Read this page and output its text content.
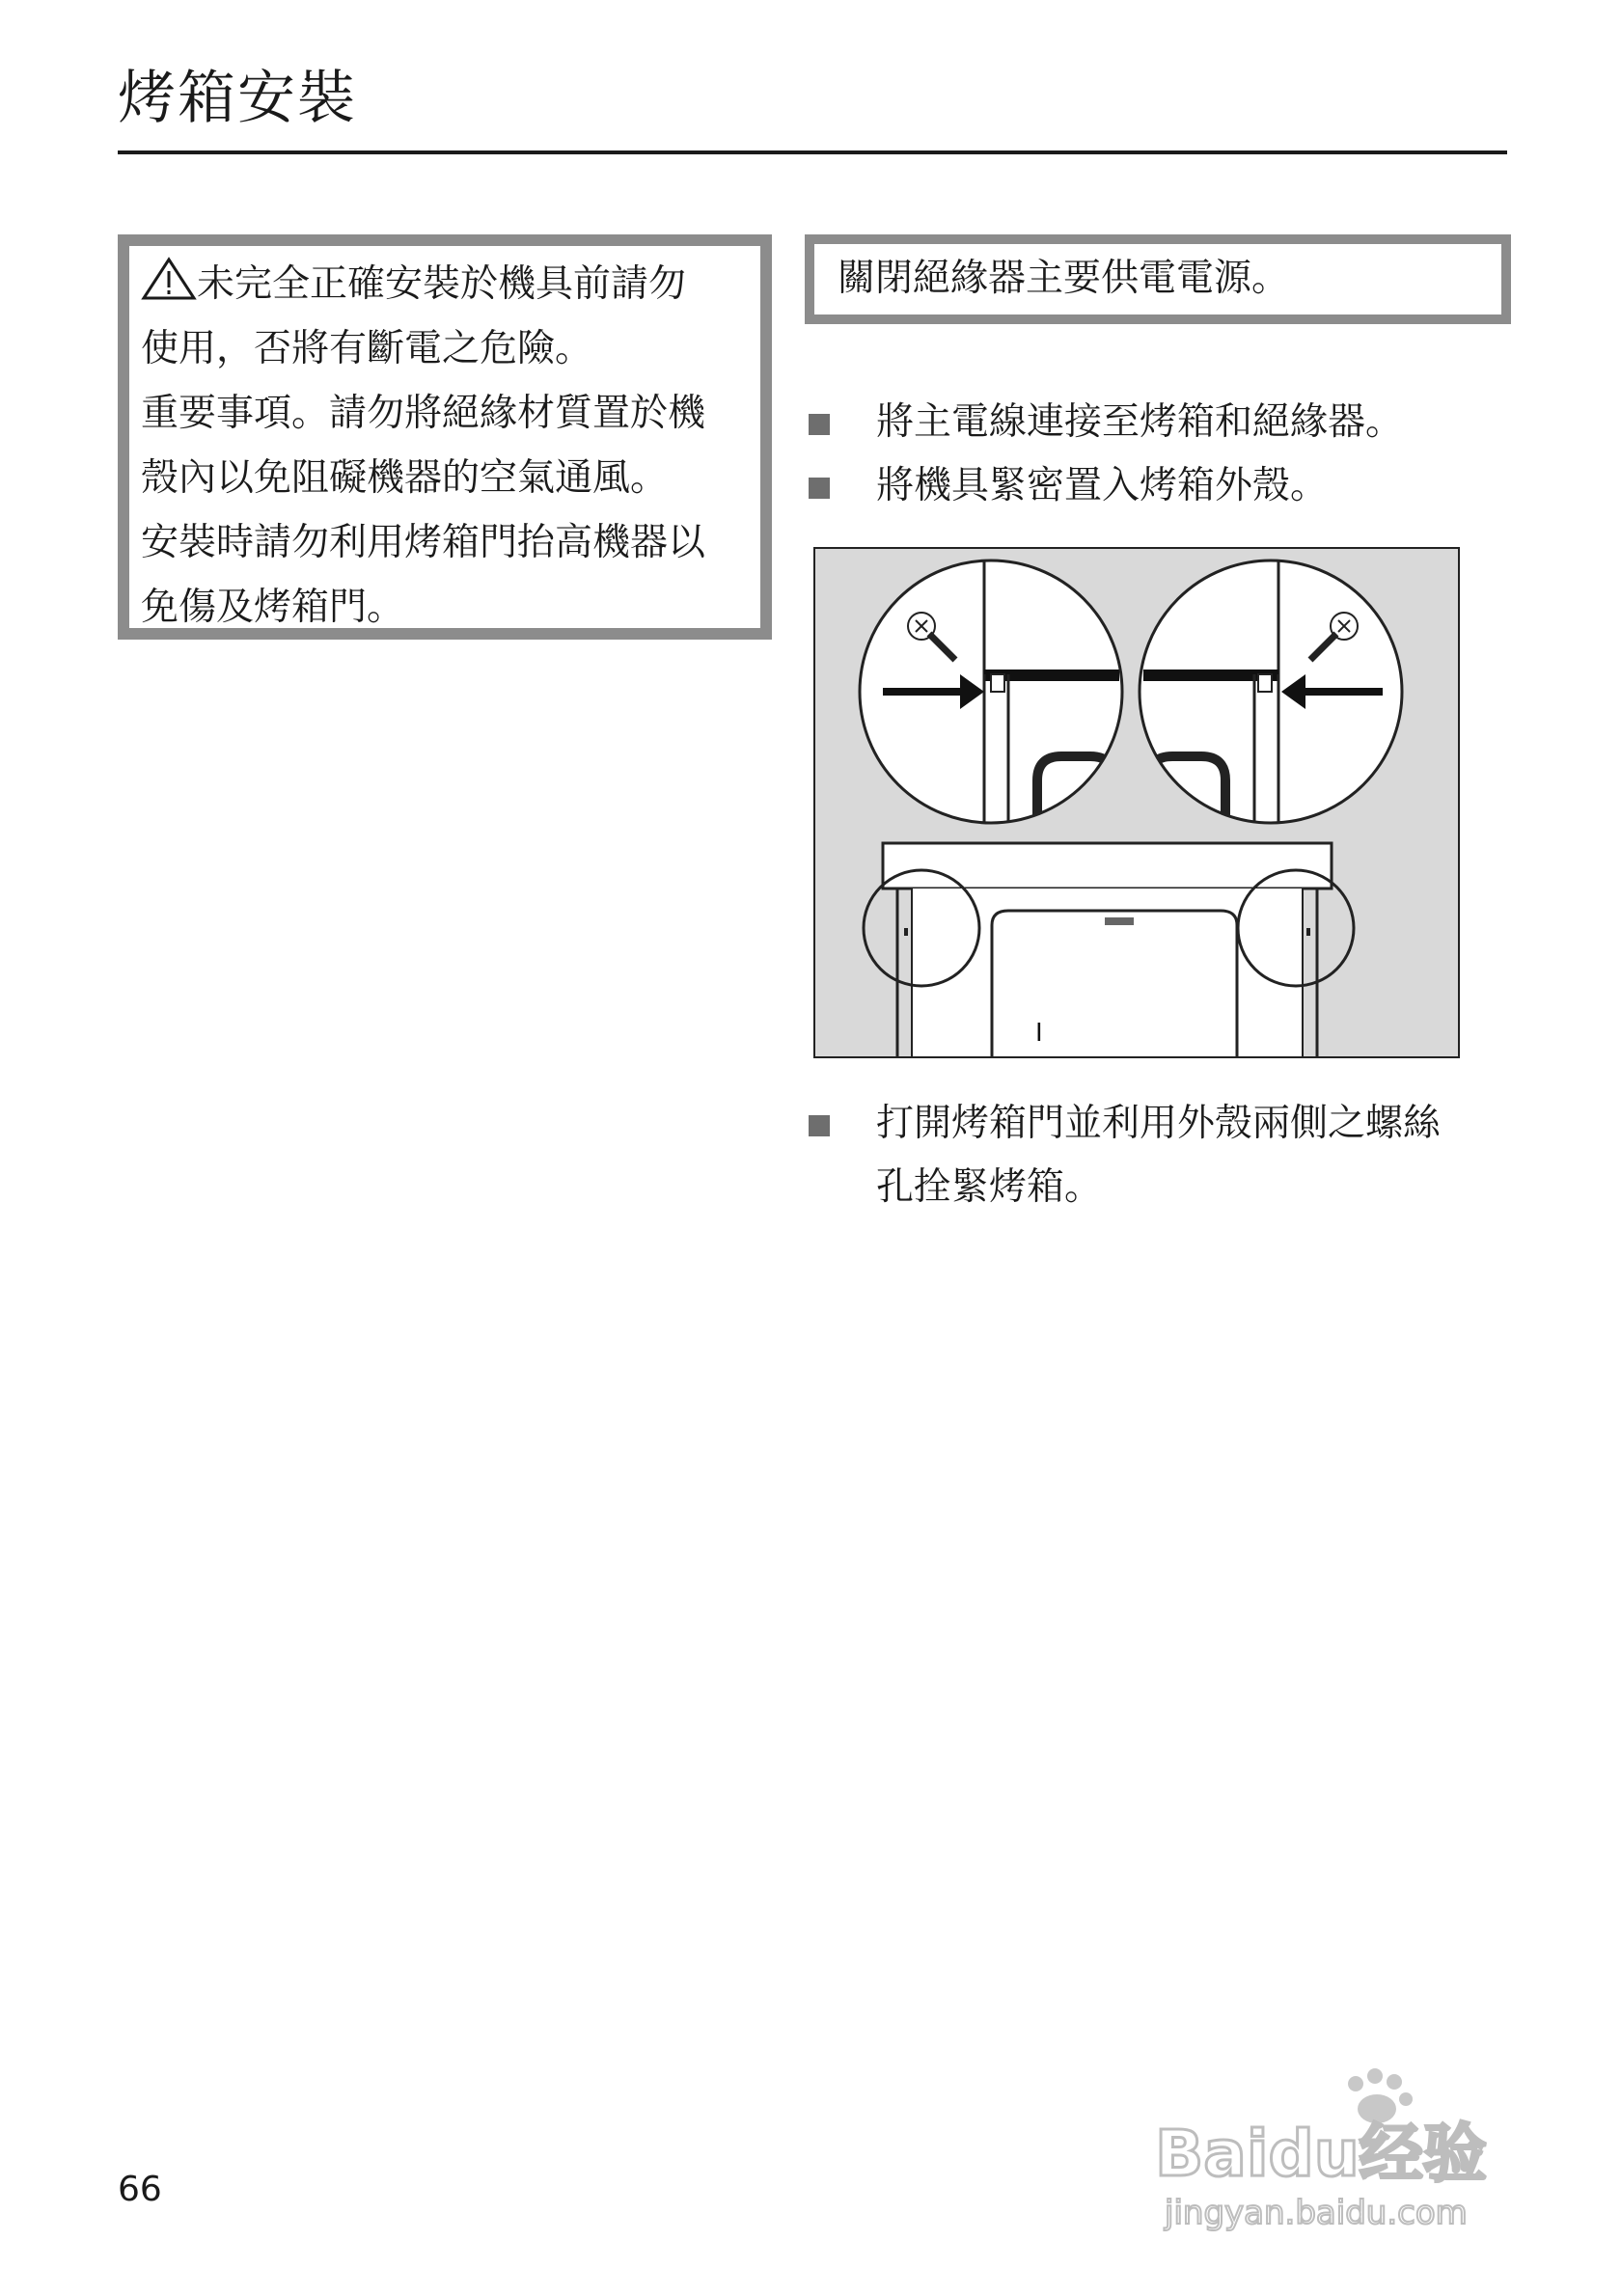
烤箱安裝

未完全正確安裝於機具前請勿
使用，否將有斷電之危險。

重要事項。請勿將絕緣材質置於機
殼內以免阻礙機器的空氣通風。

安裝時請勿利用烤箱門抬高機器以
免傷及烤箱門。

關閉絕緣器主要供電電源。
將主電線連接至烤箱和絕緣器。
將機具緊密置入烤箱外殼。
I
打開烤箱門並利用外殼兩側之螺絲
孔拴緊烤箱。
66	Baidu经验
jingyan.baidu.com
